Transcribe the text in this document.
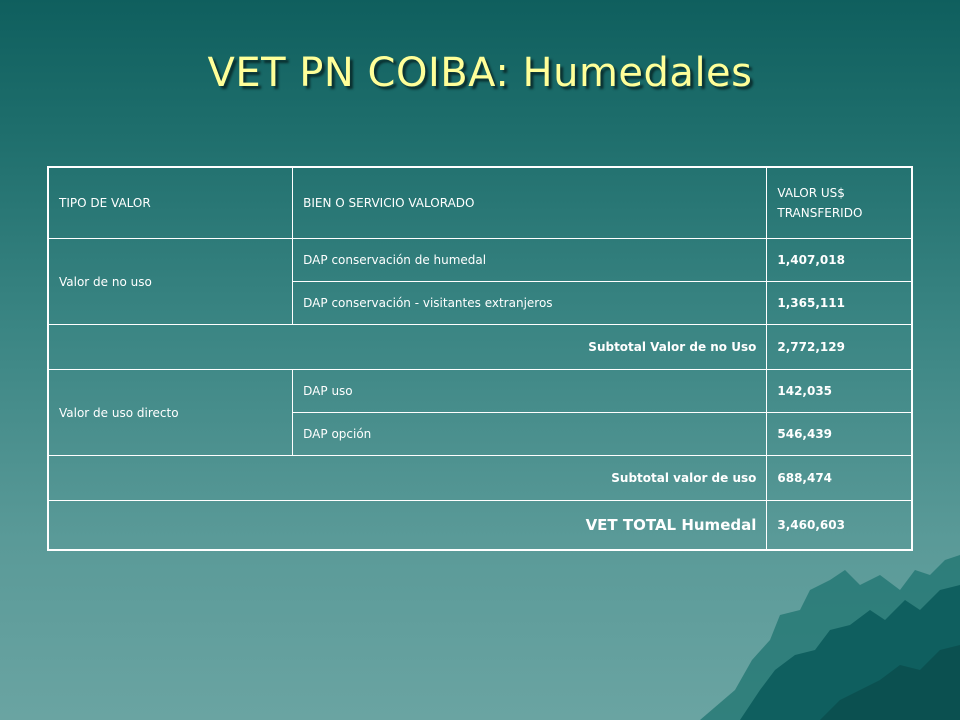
VET PN COIBA: Humedales
TIPO DE VALOR	BIEN O SERVICIO VALORADO	VALOR US$ TRANSFERIDO
Valor de no uso	DAP conservación de humedal	1,407,018
	DAP conservación - visitantes extranjeros	1,365,111
Subtotal Valor de no Uso		2,772,129
Valor de uso directo	DAP uso	142,035
	DAP opción	546,439
Subtotal valor de uso		688,474
VET TOTAL Humedal		3,460,603
